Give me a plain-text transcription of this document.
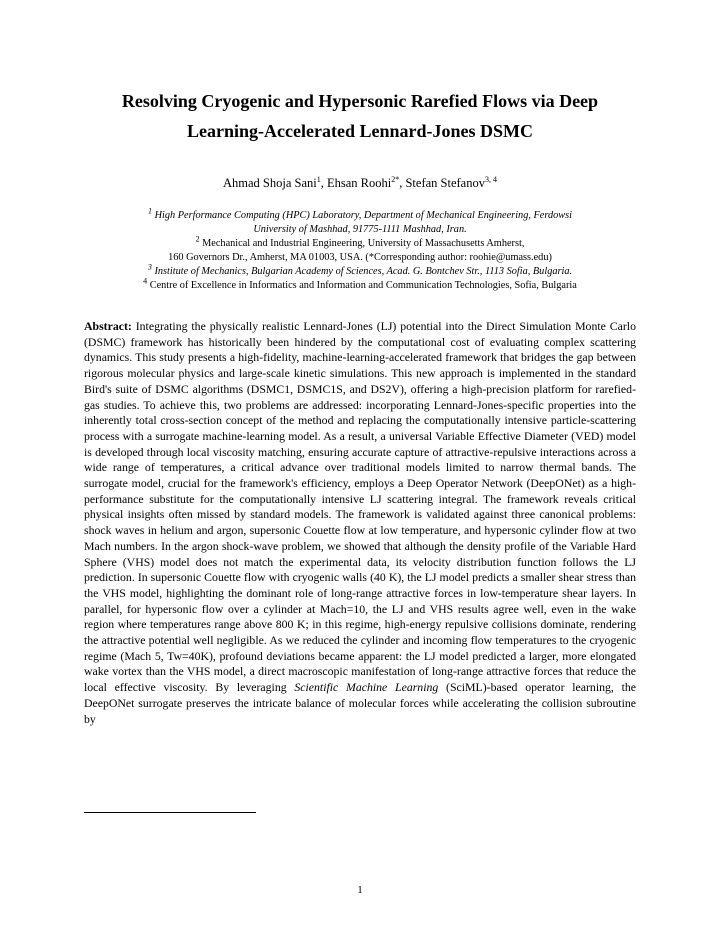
Resolving Cryogenic and Hypersonic Rarefied Flows via Deep
Learning-Accelerated Lennard-Jones DSMC
Ahmad Shoja Sani$^1$, Ehsan Roohi$^{2*}$, Stefan Stefanov$^{3, 4}$
$^1$ High Performance Computing (HPC) Laboratory, Department of Mechanical Engineering, Ferdowsi
University of Mashhad, 91775-1111 Mashhad, Iran.
$^2$ Mechanical and Industrial Engineering, University of Massachusetts Amherst,
160 Governors Dr., Amherst, MA 01003, USA. (*Corresponding author: roohie@umass.edu)
$^3$ Institute of Mechanics, Bulgarian Academy of Sciences, Acad. G. Bontchev Str., 1113 Sofia, Bulgaria.
$^4$ Centre of Excellence in Informatics and Information and Communication Technologies, Sofia, Bulgaria

Abstract: Integrating the physically realistic Lennard-Jones (LJ) potential into the Direct Simulation Monte Carlo (DSMC) framework has historically been hindered by the computational cost of evaluating complex scattering dynamics. This study presents a high-fidelity, machine-learning-accelerated framework that bridges the gap between rigorous molecular physics and large-scale kinetic simulations. This new approach is implemented in the standard Bird's suite of DSMC algorithms (DSMC1, DSMC1S, and DS2V), offering a high-precision platform for rarefied-gas studies. To achieve this, two problems are addressed: incorporating Lennard-Jones-specific properties into the inherently total cross-section concept of the method and replacing the computationally intensive particle-scattering process with a surrogate machine-learning model. As a result, a universal Variable Effective Diameter (VED) model is developed through local viscosity matching, ensuring accurate capture of attractive-repulsive interactions across a wide range of temperatures, a critical advance over traditional models limited to narrow thermal bands. The surrogate model, crucial for the framework's efficiency, employs a Deep Operator Network (DeepONet) as a high-performance substitute for the computationally intensive LJ scattering integral. The framework reveals critical physical insights often missed by standard models. The framework is validated against three canonical problems: shock waves in helium and argon, supersonic Couette flow at low temperature, and hypersonic cylinder flow at two Mach numbers. In the argon shock-wave problem, we showed that although the density profile of the Variable Hard Sphere (VHS) model does not match the experimental data, its velocity distribution function follows the LJ prediction. In supersonic Couette flow with cryogenic walls (40 K), the LJ model predicts a smaller shear stress than the VHS model, highlighting the dominant role of long-range attractive forces in low-temperature shear layers. In parallel, for hypersonic flow over a cylinder at Mach=10, the LJ and VHS results agree well, even in the wake region where temperatures range above 800 K; in this regime, high-energy repulsive collisions dominate, rendering the attractive potential well negligible. As we reduced the cylinder and incoming flow temperatures to the cryogenic regime (Mach 5, Tw=40K), profound deviations became apparent: the LJ model predicted a larger, more elongated wake vortex than the VHS model, a direct macroscopic manifestation of long-range attractive forces that reduce the local effective viscosity. By leveraging Scientific Machine Learning (SciML)-based operator learning, the DeepONet surrogate preserves the intricate balance of molecular forces while accelerating the collision subroutine by

1
